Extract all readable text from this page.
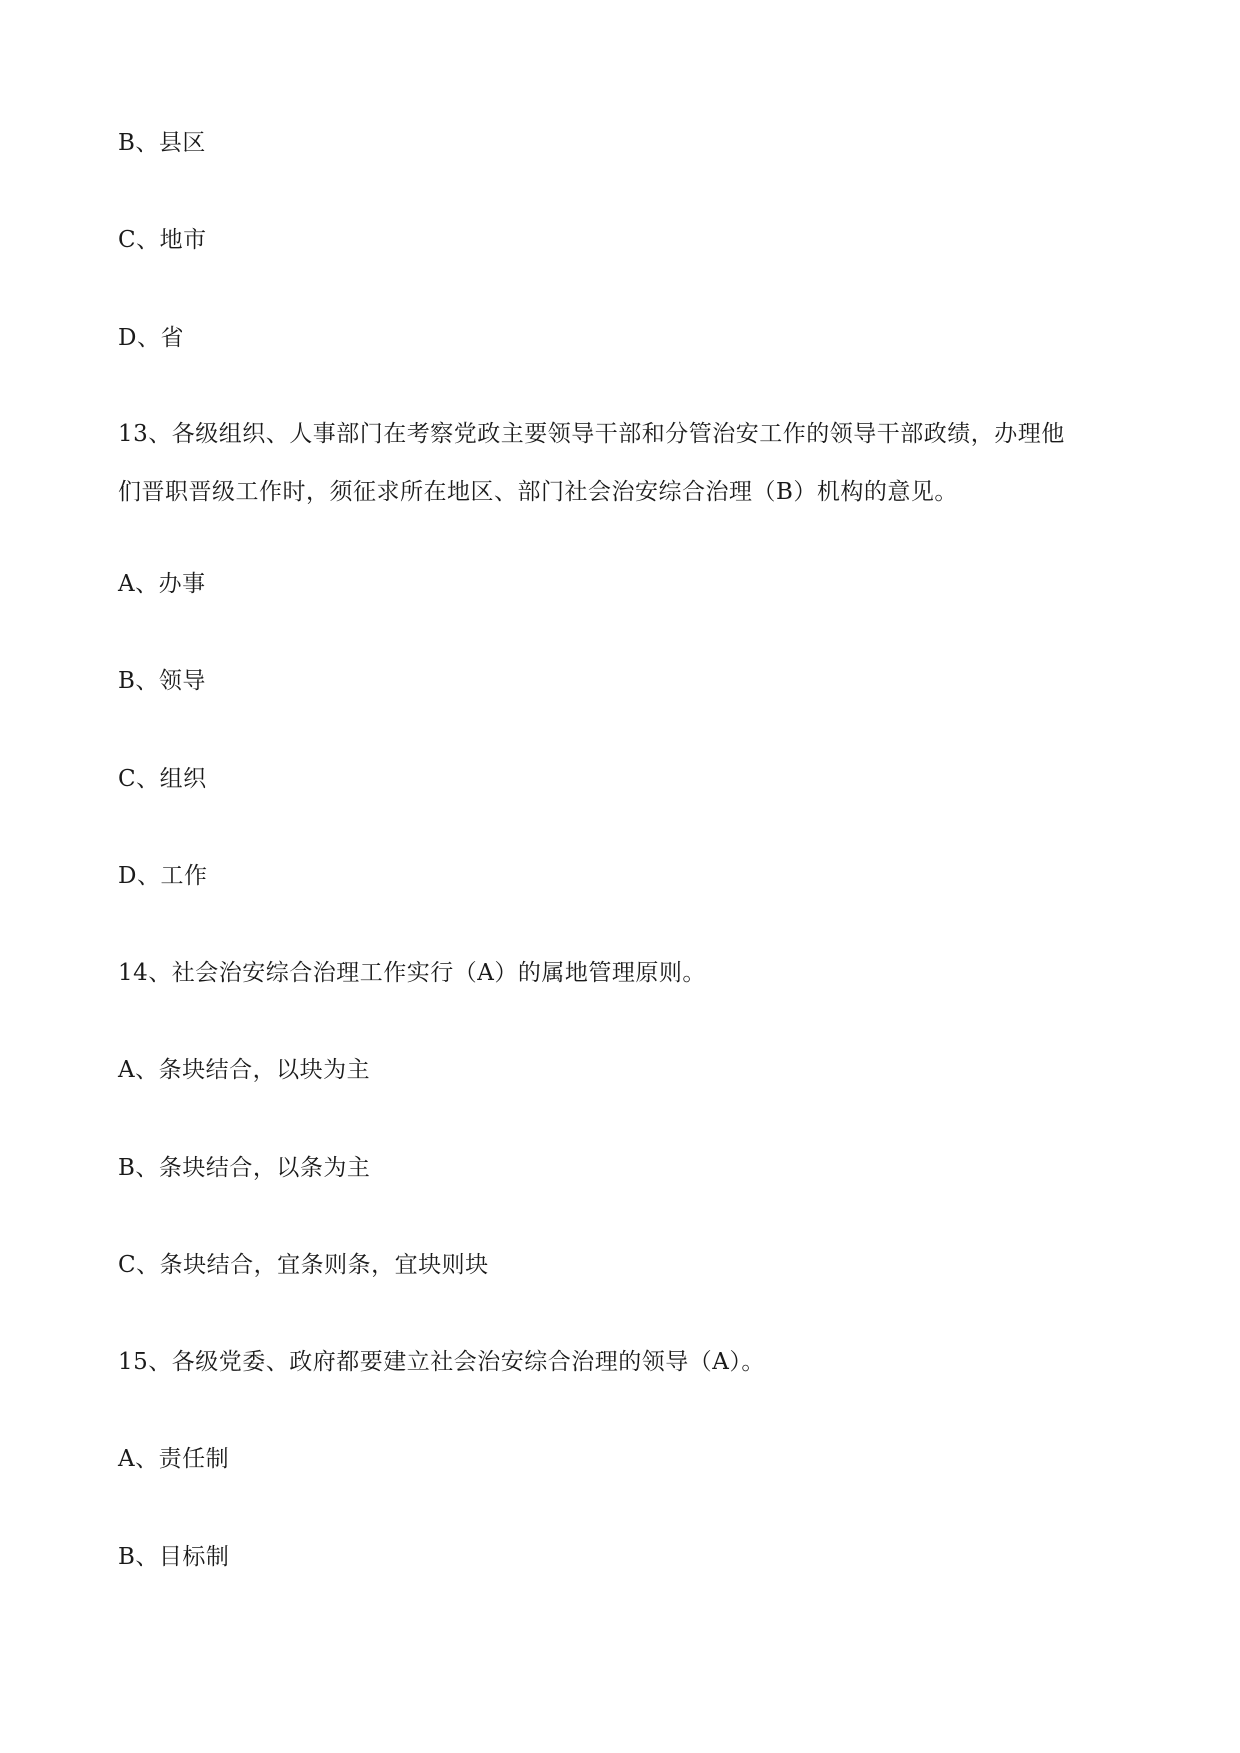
B、县区
C、地市
D、省
13、各级组织、人事部门在考察党政主要领导干部和分管治安工作的领导干部政绩，办理他
们晋职晋级工作时，须征求所在地区、部门社会治安综合治理（B）机构的意见。
A、办事
B、领导
C、组织
D、工作
14、社会治安综合治理工作实行（A）的属地管理原则。
A、条块结合，以块为主
B、条块结合，以条为主
C、条块结合，宜条则条，宜块则块
15、各级党委、政府都要建立社会治安综合治理的领导（A）。
A、责任制
B、目标制
